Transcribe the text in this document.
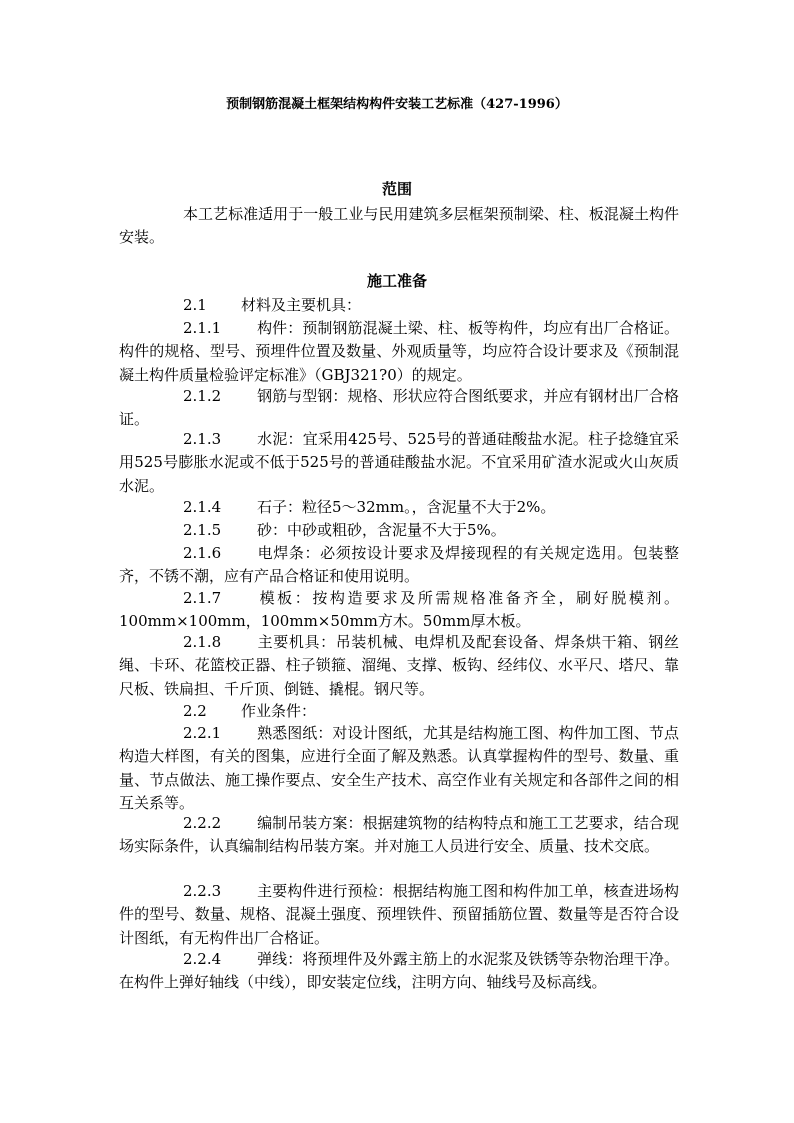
预制钢筋混凝土框架结构构件安装工艺标准（427-1996）
范围

本工艺标准适用于一般工业与民用建筑多层框架预制梁、柱、板混凝土构件安装。

施工准备

2.1 材料及主要机具：

2.1.1 构件：预制钢筋混凝土梁、柱、板等构件，均应有出厂合格证。构件的规格、型号、预埋件位置及数量、外观质量等，均应符合设计要求及《预制混凝土构件质量检验评定标准》（GBJ321?0）的规定。

2.1.2 钢筋与型钢：规格、形状应符合图纸要求，并应有钢材出厂合格证。

2.1.3 水泥：宜采用425号、525号的普通硅酸盐水泥。柱子捻缝宜采用525号膨胀水泥或不低于525号的普通硅酸盐水泥。不宜采用矿渣水泥或火山灰质水泥。

2.1.4 石子：粒径5～32mm。，含泥量不大于2%。

2.1.5 砂：中砂或粗砂，含泥量不大于5%。

2.1.6 电焊条：必须按设计要求及焊接现程的有关规定选用。包装整齐，不锈不潮，应有产品合格证和使用说明。

2.1.7 模板：按构造要求及所需规格准备齐全，刷好脱模剂。100mm×100mm，100mm×50mm方木。50mm厚木板。

2.1.8 主要机具：吊装机械、电焊机及配套设备、焊条烘干箱、钢丝绳、卡环、花篮校正器、柱子锁箍、溜绳、支撑、板钩、经纬仪、水平尺、塔尺、靠尺板、铁扁担、千斤顶、倒链、撬棍。钢尺等。

2.2 作业条件：

2.2.1 熟悉图纸：对设计图纸，尤其是结构施工图、构件加工图、节点构造大样图，有关的图集，应进行全面了解及熟悉。认真掌握构件的型号、数量、重量、节点做法、施工操作要点、安全生产技术、高空作业有关规定和各部件之间的相互关系等。

2.2.2 编制吊装方案：根据建筑物的结构特点和施工工艺要求，结合现场实际条件，认真编制结构吊装方案。并对施工人员进行安全、质量、技术交底。

2.2.3 主要构件进行预检：根据结构施工图和构件加工单，核查进场构件的型号、数量、规格、混凝土强度、预埋铁件、预留插筋位置、数量等是否符合设计图纸，有无构件出厂合格证。

2.2.4 弹线：将预埋件及外露主筋上的水泥浆及铁锈等杂物治理干净。在构件上弹好轴线（中线），即安装定位线，注明方向、轴线号及标高线。
